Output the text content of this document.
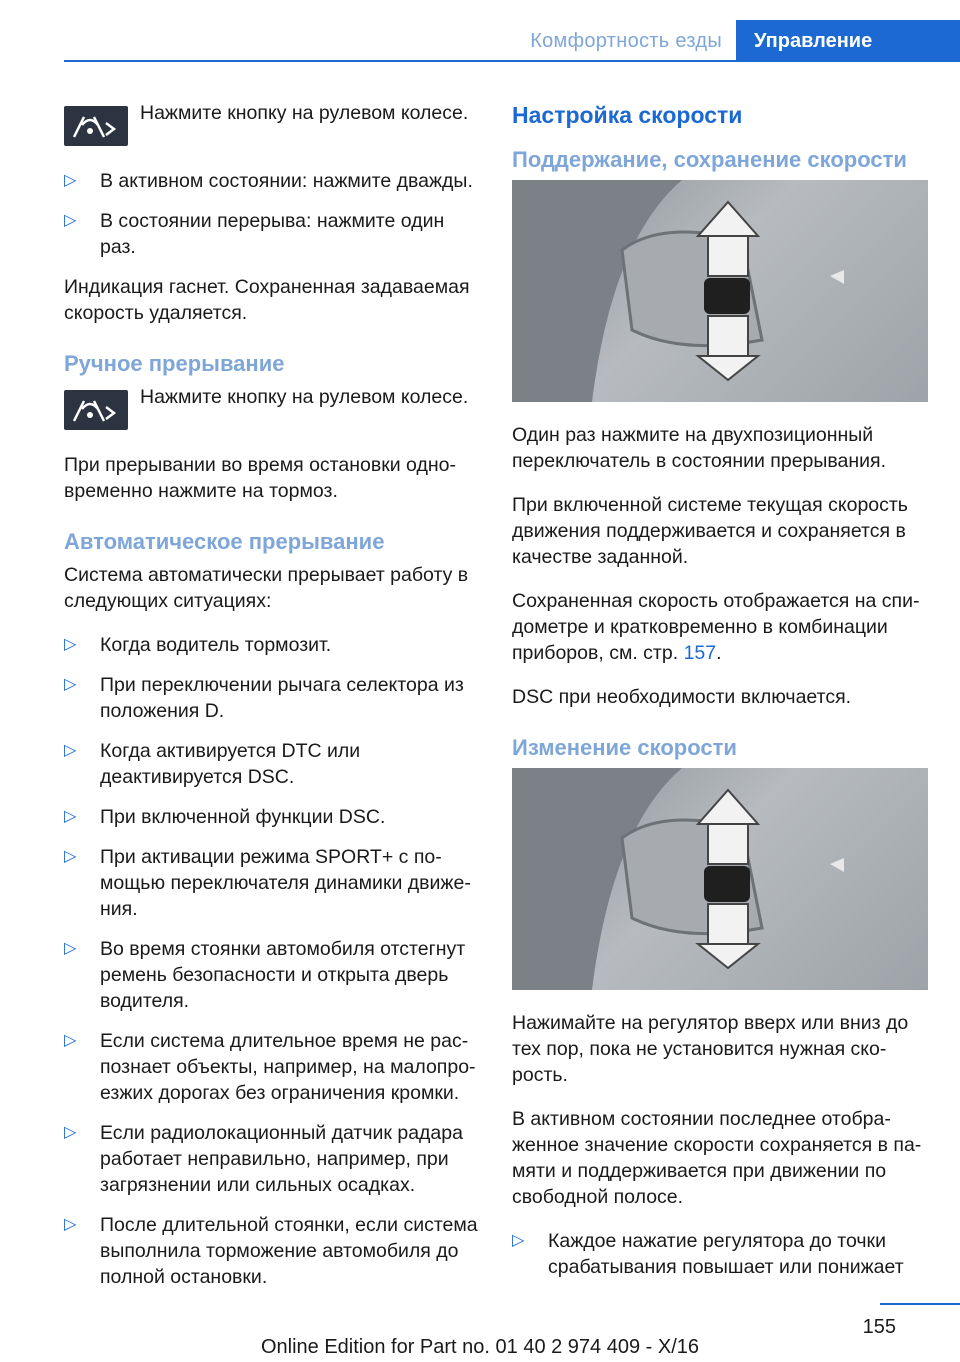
Комфортность езды	Управление
Нажмите кнопку на рулевом колесе.
▷ В активном состоянии: нажмите дважды.
▷ В состоянии перерыва: нажмите один раз.

Индикация гаснет. Сохраненная задаваемая скорость удаляется.

Ручное прерывание
Нажмите кнопку на рулевом колесе.

При прерывании во время остановки одновременно нажмите на тормоз.

Автоматическое прерывание

Система автоматически прерывает работу в следующих ситуациях:

▷ Когда водитель тормозит.
▷ При переключении рычага селектора из положения D.
▷ Когда активируется DTC или деактивируется DSC.
▷ При включенной функции DSC.
▷ При активации режима SPORT+ с помощью переключателя динамики движения.
▷ Во время стоянки автомобиля отстегнут ремень безопасности и открыта дверь водителя.
▷ Если система длительное время не распознает объекты, например, на малопроезжих дорогах без ограничения кромки.
▷ Если радиолокационный датчик радара работает неправильно, например, при загрязнении или сильных осадках.
▷ После длительной стоянки, если система выполнила торможение автомобиля до полной остановки.
Настройка скорости
Поддержание, сохранение скорости

Один раз нажмите на двухпозиционный переключатель в состоянии прерывания.

При включенной системе текущая скорость движения поддерживается и сохраняется в качестве заданной.

Сохраненная скорость отображается на спидометре и кратковременно в комбинации приборов, см. стр. 157.

DSC при необходимости включается.

Изменение скорости

Нажимайте на регулятор вверх или вниз до тех пор, пока не установится нужная скорость.

В активном состоянии последнее отображенное значение скорости сохраняется в памяти и поддерживается при движении по свободной полосе.

▷ Каждое нажатие регулятора до точки срабатывания повышает или понижает
155
Online Edition for Part no. 01 40 2 974 409 - X/16
